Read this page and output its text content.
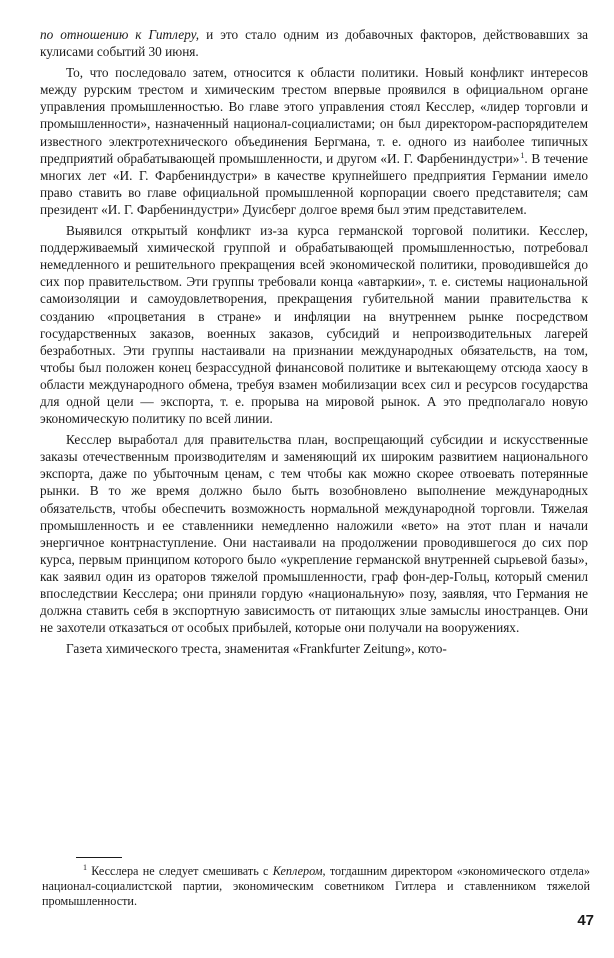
по отношению к Гитлеру, и это стало одним из добавочных факторов, действовавших за кулисами событий 30 июня.

То, что последовало затем, относится к области политики. Новый конфликт интересов между рурским трестом и химическим трестом впервые проявился в официальном органе управления промышленностью. Во главе этого управления стоял Кесслер, «лидер торговли и промышленности», назначенный национал-социалистами; он был директором-распорядителем известного электротехнического объединения Бергмана, т. е. одного из наиболее типичных предприятий обрабатывающей промышленности, и другом «И. Г. Фарбениндустри»$^1$. В течение многих лет «И. Г. Фарбениндустри» в качестве крупнейшего предприятия Германии имело право ставить во главе официальной промышленной корпорации своего представителя; сам президент «И. Г. Фарбениндустри» Дуисберг долгое время был этим представителем.

Выявился открытый конфликт из-за курса германской торговой политики. Кесслер, поддерживаемый химической группой и обрабатывающей промышленностью, потребовал немедленного и решительного прекращения всей экономической политики, проводившейся до сих пор правительством. Эти группы требовали конца «автаркии», т. е. системы национальной самоизоляции и самоудовлетворения, прекращения губительной мании правительства к созданию «процветания в стране» и инфляции на внутреннем рынке посредством государственных заказов, военных заказов, субсидий и непроизводительных лагерей безработных. Эти группы настаивали на признании международных обязательств, на том, чтобы был положен конец безрассудной финансовой политике и вытекающему отсюда хаосу в области международного обмена, требуя взамен мобилизации всех сил и ресурсов государства для одной цели — экспорта, т. е. прорыва на мировой рынок. А это предполагало новую экономическую политику по всей линии.

Кесслер выработал для правительства план, воспрещающий субсидии и искусственные заказы отечественным производителям и заменяющий их широким развитием национального экспорта, даже по убыточным ценам, с тем чтобы как можно скорее отвоевать потерянные рынки. В то же время должно было быть возобновлено выполнение международных обязательств, чтобы обеспечить возможность нормальной международной торговли. Тяжелая промышленность и ее ставленники немедленно наложили «вето» на этот план и начали энергичное контрнаступление. Они настаивали на продолжении проводившегося до сих пор курса, первым принципом которого было «укрепление германской внутренней сырьевой базы», как заявил один из ораторов тяжелой промышленности, граф фон-дер-Гольц, который сменил впоследствии Кесслера; они приняли гордую «национальную» позу, заявляя, что Германия не должна ставить себя в экспортную зависимость от питающих злые замыслы иностранцев. Они не захотели отказаться от особых прибылей, которые они получали на вооружениях.

Газета химического треста, знаменитая «Frankfurter Zeitung», кото-

$^1$ Кесслера не следует смешивать с Кеплером, тогдашним директором «экономического отдела» национал-социалистской партии, экономическим советником Гитлера и ставленником тяжелой промышленности.

47
